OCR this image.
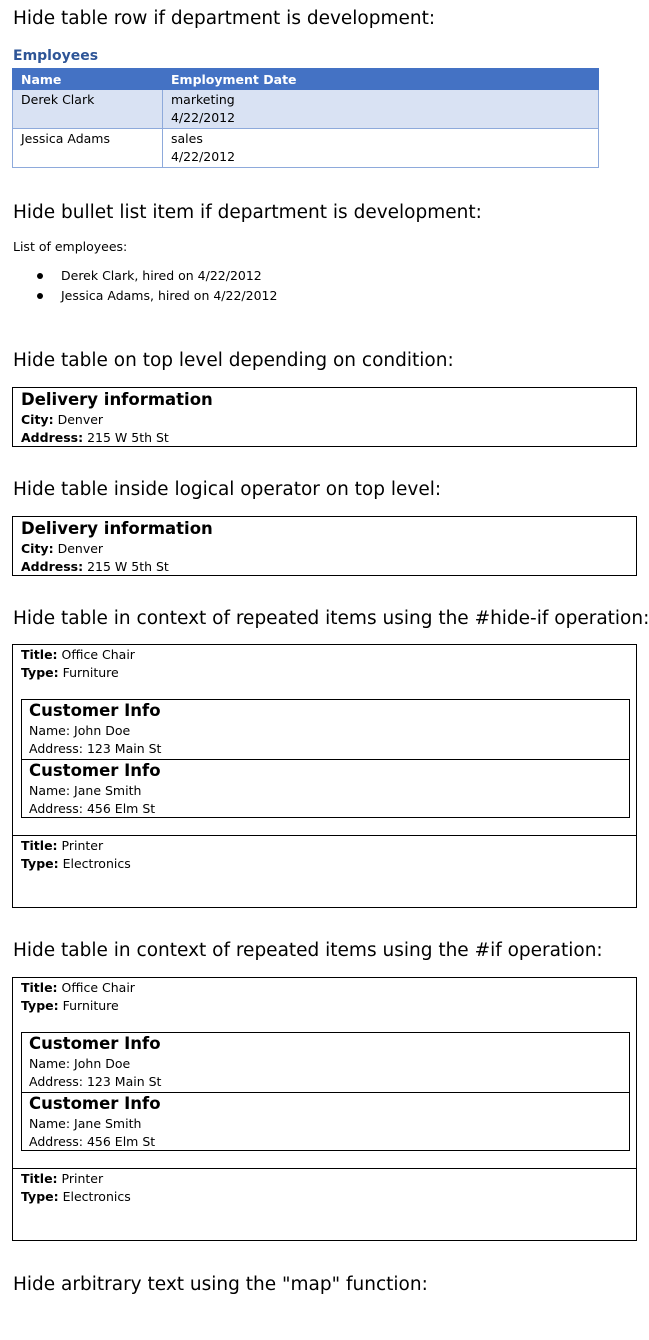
Hide table row if department is development:
Employees
Name	Employment Date
Derek Clark	marketing
4/22/2012

Jessica Adams	sales
4/22/2012
Hide bullet list item if department is development:
List of employees:
Derek Clark, hired on 4/22/2012
Jessica Adams, hired on 4/22/2012
Hide table on top level depending on condition:
Delivery information
City: Denver
Address: 215 W 5th St
Hide table inside logical operator on top level:
Delivery information
City: Denver
Address: 215 W 5th St
Hide table in context of repeated items using the #hide-if operation:
Title: Office Chair
Type: Furniture
Customer Info
Name: John Doe
Address: 123 Main St
Customer Info
Name: Jane Smith
Address: 456 Elm St
Title: Printer
Type: Electronics
Hide table in context of repeated items using the #if operation:
Title: Office Chair
Type: Furniture
Customer Info
Name: John Doe
Address: 123 Main St
Customer Info
Name: Jane Smith
Address: 456 Elm St
Title: Printer
Type: Electronics
Hide arbitrary text using the "map" function:
